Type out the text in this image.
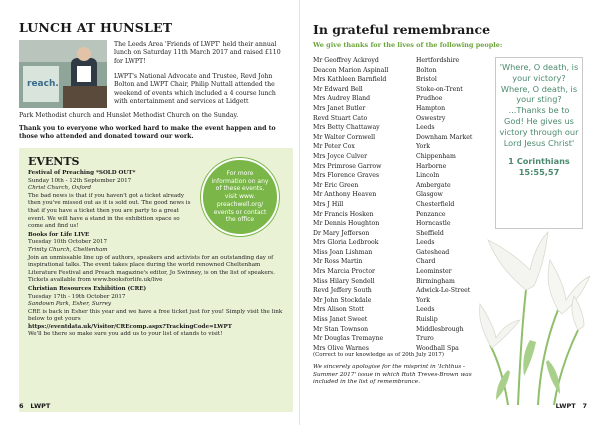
LUNCH AT HUNSLET
reach.
The Leeds Area 'Friends of LWPT' held their annual lunch on Saturday 11th March 2017 and raised £110 for LWPT!
LWPT's National Advocate and Trustee, Revd John Bolton and LWPT Chair, Philip Nuttall attended the weekend of events which included a 4 course lunch with entertainment and services at Lidgett
Park Methodist church and Hunslet Methodist Church on the Sunday.
Thank you to everyone who worked hard to make the event happen and to those who attended and donated toward our work.
EVENTS
For more information on any of these events, visit www. preachwell.org/ events or contact the office
Festival of Preaching *SOLD OUT*
Sunday 10th - 12th September 2017
Christ Church, Oxford
The bad news is that if you haven't got a ticket already then you've missed out as it is sold out. The good news is that if you have a ticket then you are party to a great event. We will have a stand in the exhibition space so come and find us!
Books for Life LIVE
Tuesday 10th October 2017
Trinity Church, Cheltenham
Join an unmissable line up of authors, speakers and activists for an outstanding day of inspirational talks. The event takes place during the world renowned Cheltenham Literature Festival and Preach magazine's editor, Jo Swinney, is on the list of speakers. Tickets available from www.booksforlife.uk/live
Christian Resources Exhibition (CRE)
Tuesday 17th - 19th October 2017
Sandown Park, Esher, Surrey
CRE is back in Esher this year and we have a free ticket just for you! Simply visit the link below to get yours
https://eventdata.uk/Visitor/CREcomp.aspx?TrackingCode=LWPT
We'll be there so make sure you add us to your list of stands to visit!
6 LWPT
In grateful remembrance
We give thanks for the lives of the following people:
Mr Geoffrey Ackroyd	Hertfordshire
Deacon Marion Aspinall	Bolton
Mrs Kathleen Barnfield	Bristol
Mr Edward Bell	Stoke-on-Trent
Mrs Audrey Bland	Prudhoe
Mrs Janet Butler	Hampton
Revd Stuart Cato	Oswestry
Mrs Betty Chattaway	Leeds
Mr Walter Cornwell	Downham Market
Mr Peter Cox	York
Mrs Joyce Culver	Chippenham
Mrs Primrose Garrow	Harborne
Mrs Florence Graves	Lincoln
Mr Eric Green	Ambergate
Mr Anthony Heaven	Glasgow
Mrs J Hill	Chesterfield
Mr Francis Hosken	Penzance
Mr Dennis Houghton	Horncastle
Dr Mary Jefferson	Sheffield
Mrs Gloria Ledbrook	Leeds
Miss Joan Lishman	Gateshead
Mr Ross Martin	Chard
Mrs Marcia Proctor	Leominster
Miss Hilary Sendell	Birmingham
Revd Jeffery South	Adwick-Le-Street
Mr John Stockdale	York
Mrs Alison Stott	Leeds
Miss Janet Sweet	Ruislip
Mr Stan Townson	Middlesbrough
Mr Douglas Tremayne	Truro
Mrs Olive Warnes	Woodhall Spa
(Correct to our knowledge as of 20th July 2017)
We sincerely apologise for the misprint in 'Ichthus - Summer 2017' issue in which Ruth Treves-Brown was included in the list of remembrance.
'Where, O death, is your victory? Where, O death, is your sting? ...Thanks be to God! He gives us victory through our Lord Jesus Christ'
1 Corinthians
15:55,57
LWPT 7
